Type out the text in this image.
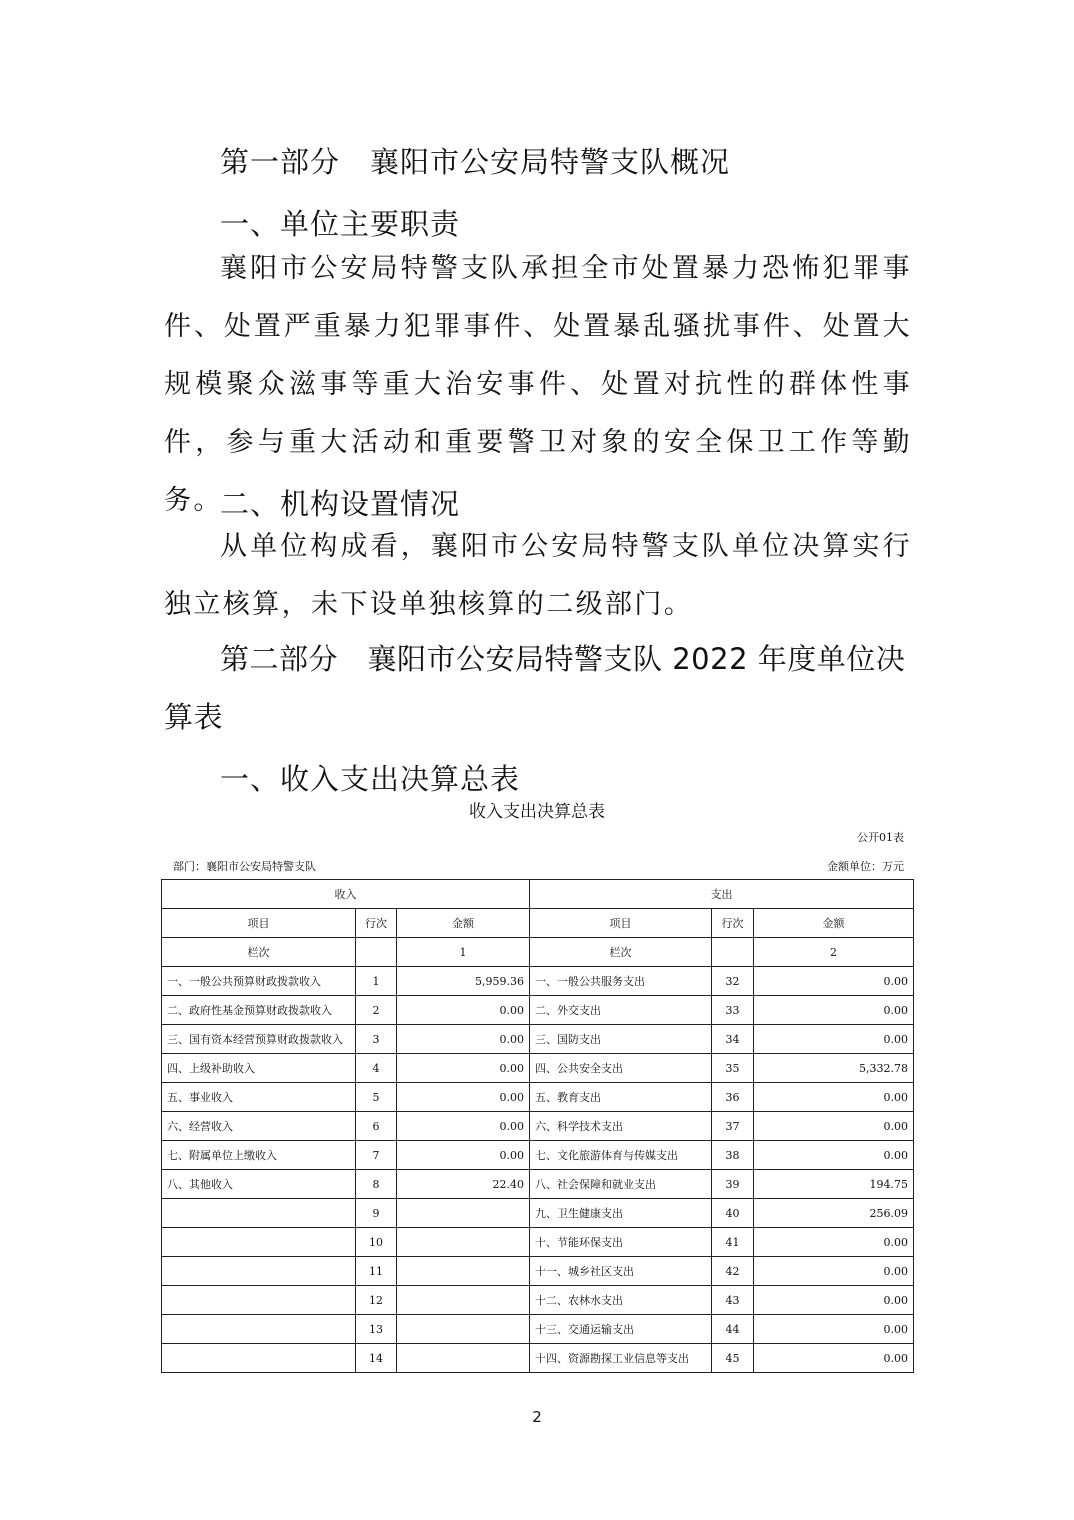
第一部分　襄阳市公安局特警支队概况
一、单位主要职责
襄阳市公安局特警支队承担全市处置暴力恐怖犯罪事件、处置严重暴力犯罪事件、处置暴乱骚扰事件、处置大规模聚众滋事等重大治安事件、处置对抗性的群体性事件，参与重大活动和重要警卫对象的安全保卫工作等勤务。
二、机构设置情况
从单位构成看，襄阳市公安局特警支队单位决算实行独立核算，未下设单独核算的二级部门。
第二部分　襄阳市公安局特警支队 2022 年度单位决算表
一、收入支出决算总表
收入支出决算总表
公开01表
部门：襄阳市公安局特警支队	金额单位：万元
收入			支出		
项目	行次	金额	项目	行次	金额
栏次		1	栏次		2
一、一般公共预算财政拨款收入	1	5,959.36	一、一般公共服务支出	32	0.00
二、政府性基金预算财政拨款收入	2	0.00	二、外交支出	33	0.00
三、国有资本经营预算财政拨款收入	3	0.00	三、国防支出	34	0.00
四、上级补助收入	4	0.00	四、公共安全支出	35	5,332.78
五、事业收入	5	0.00	五、教育支出	36	0.00
六、经营收入	6	0.00	六、科学技术支出	37	0.00
七、附属单位上缴收入	7	0.00	七、文化旅游体育与传媒支出	38	0.00
八、其他收入	8	22.40	八、社会保障和就业支出	39	194.75
	9		九、卫生健康支出	40	256.09
	10		十、节能环保支出	41	0.00
	11		十一、城乡社区支出	42	0.00
	12		十二、农林水支出	43	0.00
	13		十三、交通运输支出	44	0.00
	14		十四、资源勘探工业信息等支出	45	0.00
2
